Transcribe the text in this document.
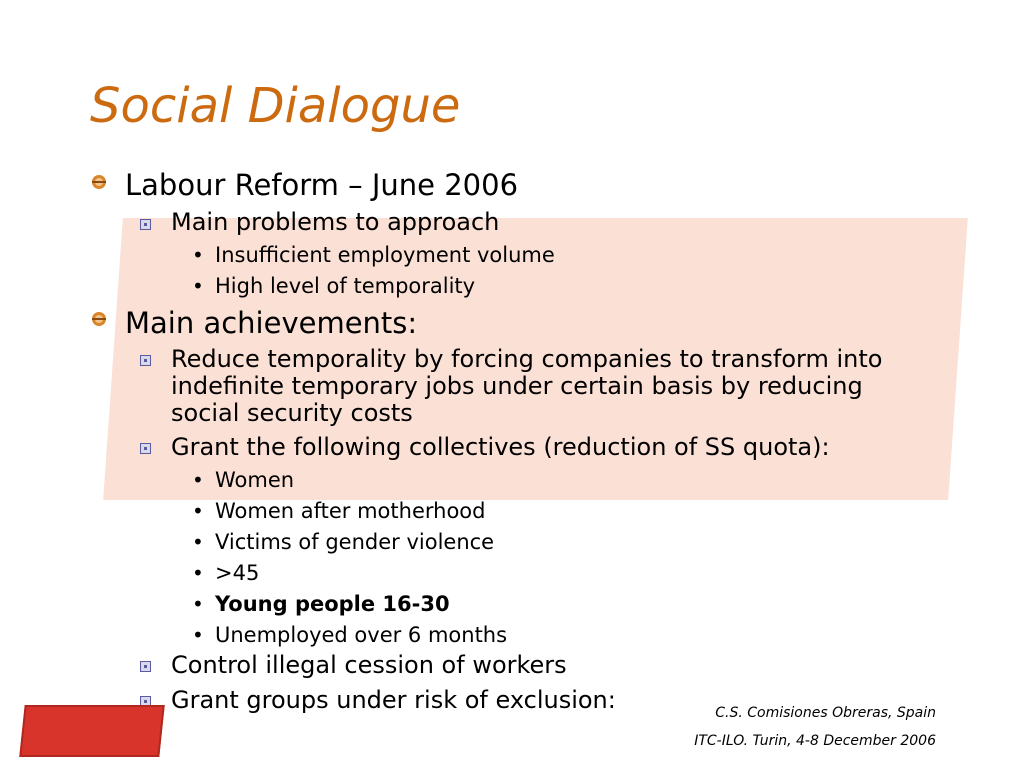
Social Dialogue

Labour Reform – June 2006

Main problems to approach

• Insufficient employment volume

• High level of temporality

Main achievements:

Reduce temporality by forcing companies to transform into

indefinite temporary jobs under certain basis by reducing

social security costs

Grant the following collectives (reduction of SS quota):

• Women

• Women after motherhood

• Victims of gender violence

• >45

• Young people 16-30

• Unemployed over 6 months

Control illegal cession of workers

Grant groups under risk of exclusion:	C.S. Comisiones Obreras, Spain
ITC-ILO. Turin, 4-8 December 2006
